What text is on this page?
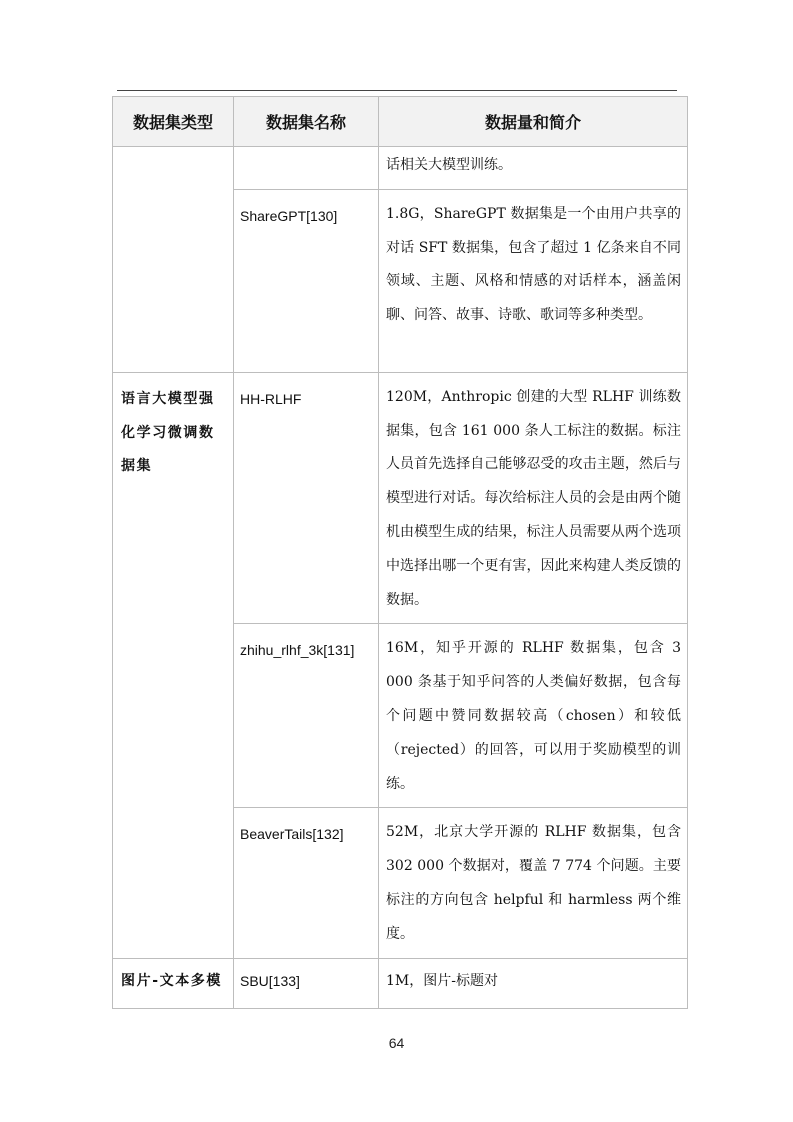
数据集类型	数据集名称	数据量和简介

		话相关大模型训练。

	ShareGPT[130]	1.8G，ShareGPT 数据集是一个由用户共享的对话 SFT 数据集，包含了超过 1 亿条来自不同领域、主题、风格和情感的对话样本，涵盖闲聊、问答、故事、诗歌、歌词等多种类型。

语言大模型强化学习微调数据集	HH-RLHF	120M，Anthropic 创建的大型 RLHF 训练数据集，包含 161 000 条人工标注的数据。标注人员首先选择自己能够忍受的攻击主题，然后与模型进行对话。每次给标注人员的会是由两个随机由模型生成的结果，标注人员需要从两个选项中选择出哪一个更有害，因此来构建人类反馈的数据。

	zhihu_rlhf_3k[131]	16M，知乎开源的 RLHF 数据集，包含 3 000 条基于知乎问答的人类偏好数据，包含每个问题中赞同数据较高（chosen）和较低（rejected）的回答，可以用于奖励模型的训练。

	BeaverTails[132]	52M，北京大学开源的 RLHF 数据集，包含 302 000 个数据对，覆盖 7 774 个问题。主要标注的方向包含 helpful 和 harmless 两个维度。

图片-文本多模	SBU[133]	1M，图片-标题对
64
